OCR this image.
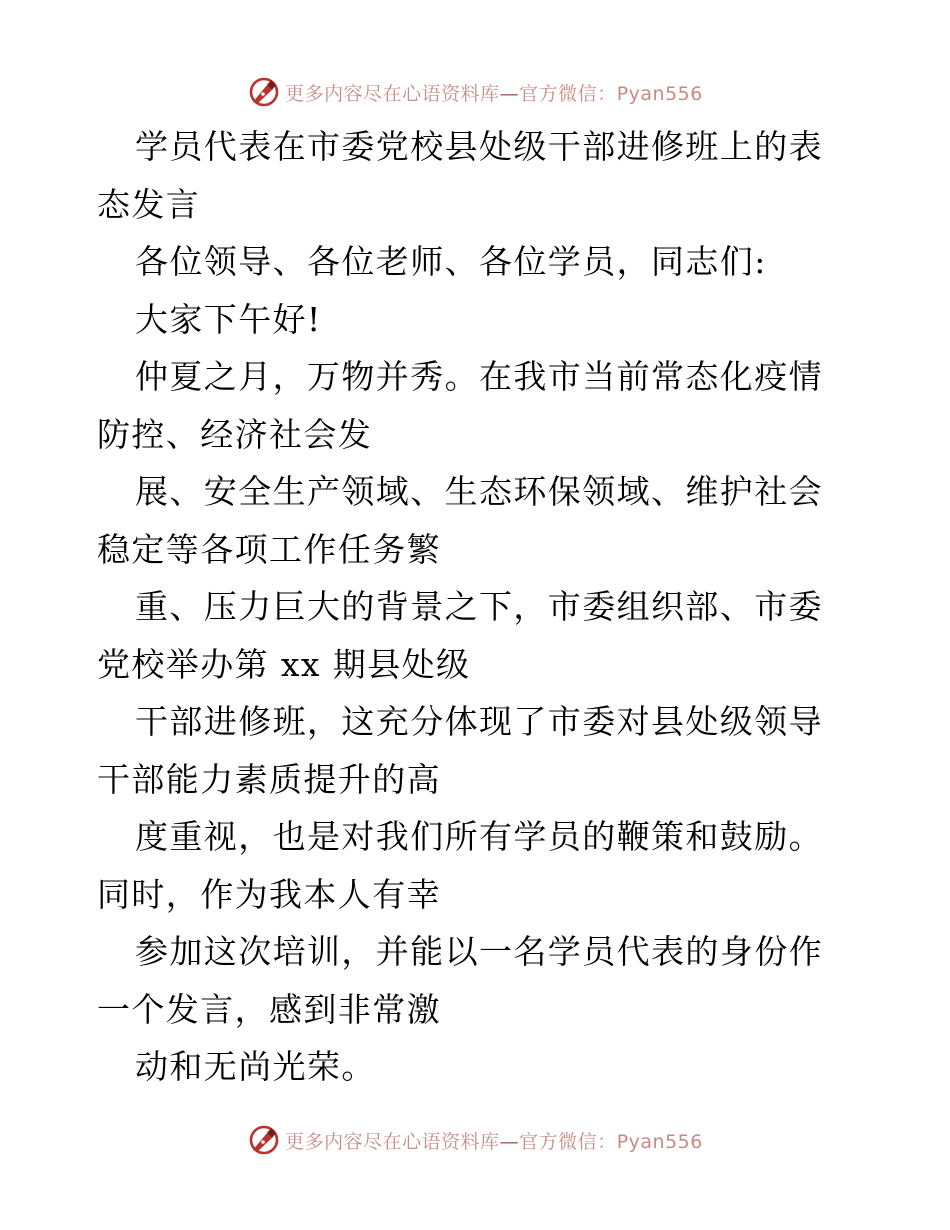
更多内容尽在心语资料库—官方微信：Pyan556

学员代表在市委党校县处级干部进修班上的表态发言

各位领导、各位老师、各位学员，同志们:

大家下午好!

仲夏之月，万物并秀。在我市当前常态化疫情防控、经济社会发

展、安全生产领域、生态环保领域、维护社会稳定等各项工作任务繁

重、压力巨大的背景之下，市委组织部、市委党校举办第 xx 期县处级

干部进修班，这充分体现了市委对县处级领导干部能力素质提升的高

度重视，也是对我们所有学员的鞭策和鼓励。同时，作为我本人有幸

参加这次培训，并能以一名学员代表的身份作一个发言，感到非常激

动和无尚光荣。

更多内容尽在心语资料库—官方微信：Pyan556
